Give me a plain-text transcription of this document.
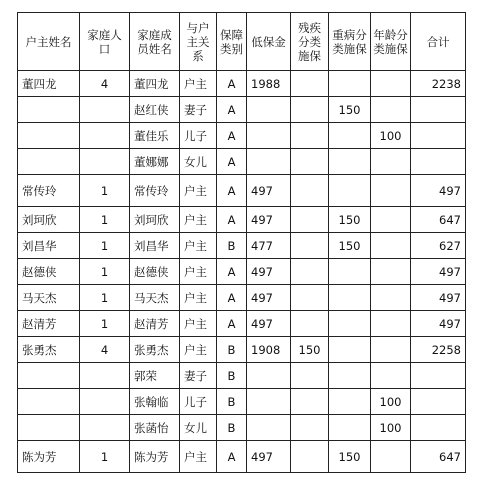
户主姓名	家庭人口	家庭成员姓名	与户主关系	保障类别	低保金	残疾分类施保	重病分类施保	年龄分类施保	合计
董四龙	4	董四龙	户主	A	1988				2238
		赵红侠	妻子	A			150		
		董佳乐	儿子	A				100	
		董娜娜	女儿	A					
常传玲	1	常传玲	户主	A	497				497
刘珂欣	1	刘珂欣	户主	A	497		150		647
刘昌华	1	刘昌华	户主	B	477		150		627
赵德侠	1	赵德侠	户主	A	497				497
马天杰	1	马天杰	户主	A	497				497
赵清芳	1	赵清芳	户主	A	497				497
张勇杰	4	张勇杰	户主	B	1908	150			2258
		郭荣	妻子	B					
		张翰临	儿子	B				100	
		张菡怡	女儿	B				100	
陈为芳	1	陈为芳	户主	A	497		150		647
